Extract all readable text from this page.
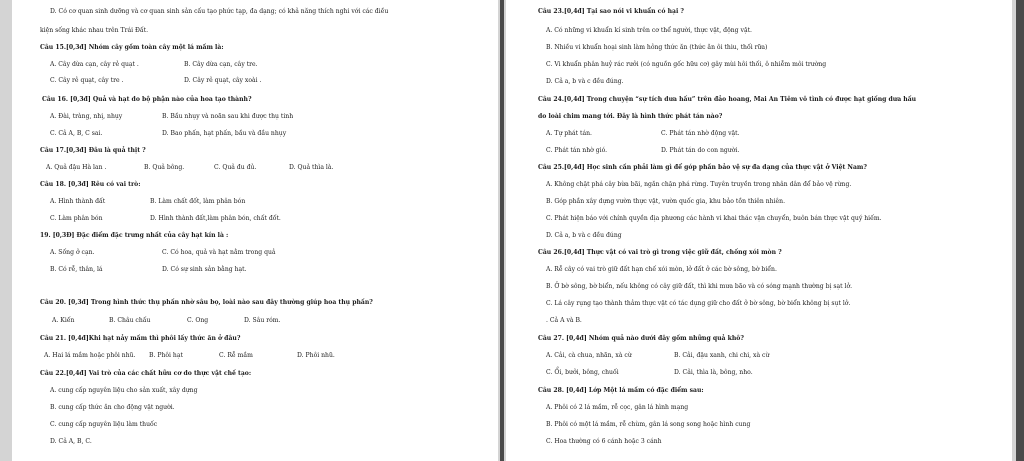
D. Có cơ quan sinh dưỡng và cơ quan sinh sản cấu tạo phức tạp, đa dạng; có khả năng thích nghi với các điều
kiện sống khác nhau trên Trái Đất.
Câu 15.[0,3đ] Nhóm cây gồm toàn cây một lá mầm là:
A. Cây dừa cạn, cây rẻ quạt .	B. Cây dừa cạn, cây tre.
C. Cây rẻ quạt, cây tre .	D. Cây rẻ quạt, cây xoài .
Câu 16. [0,3đ] Quả và hạt do bộ phận nào của hoa tạo thành?
A. Đài, tràng, nhị, nhụy	B. Bầu nhụy và noãn sau khi được thụ tinh
C. Cả A, B, C sai.	D. Bao phấn, hạt phấn, bầu và đầu nhụy
Câu 17.[0,3đ] Đâu là quả thịt ?
A. Quả đậu Hà lan .	B. Quả bông.	C. Quả đu đủ.	D. Quả thìa là.
Câu 18. [0,3đ] Rêu có vai trò:
A. Hình thành đất	B. Làm chất đốt, làm phân bón
C. Làm phân bón	D. Hình thành đất,làm phân bón, chất đốt.
19. [0,3Đ] Đặc điểm đặc trưng nhất của cây hạt kín là :
A. Sống ở cạn.	C. Có hoa, quả và hạt nằm trong quả
B. Có rễ, thân, lá	D. Có sự sinh sản bằng hạt.
Câu 20. [0,3đ] Trong hình thức thụ phấn nhờ sâu bọ, loài nào sau đây thường giúp hoa thụ phấn?
A. Kiến	B. Châu chấu	C. Ong	D. Sâu róm.
Câu 21. [0,4đ]Khi hạt nảy mầm thì phôi lấy thức ăn ở đâu?
A. Hai lá mầm hoặc phôi nhũ. B. Phôi hạt	C. Rễ mầm	D. Phôi nhũ.
Câu 22.[0,4đ] Vai trò của các chất hữu cơ do thực vật chế tạo:
A. cung cấp nguyên liệu cho sản xuất, xây dựng
B. cung cấp thức ăn cho động vật người.
C. cung cấp nguyên liệu làm thuốc
D. Cả A, B, C.
Câu 23.[0,4đ] Tại sao nói vi khuẩn có hại ?
A. Có những vi khuẩn kí sinh trên cơ thể người, thực vật, động vật.
B. Nhiều vi khuẩn hoại sinh làm hỏng thức ăn (thức ăn ôi thiu, thối rữa)
C. Vi khuẩn phân huỷ rác rưởi (có nguồn gốc hữu cơ) gây mùi hôi thối, ô nhiễm môi trường
D. Cả a, b và c đều đúng.
Câu 24.[0,4đ] Trong chuyện “sự tích dưa hấu” trên đảo hoang, Mai An Tiêm vô tình có được hạt giống dưa hấu
do loài chim mang tới. Đây là hình thức phát tán nào?
A. Tự phát tán.	C. Phát tán nhờ động vật.
C. Phát tán nhờ gió.	D. Phát tán do con người.
Câu 25.[0,4đ] Học sinh cần phải làm gì để góp phần bảo vệ sự đa dạng của thực vật ở Việt Nam?
A. Không chặt phá cây bừa bãi, ngăn chặn phá rừng. Tuyên truyền trong nhân dân để bảo vệ rừng.
B. Góp phần xây dựng vườn thực vật, vườn quốc gia, khu bảo tồn thiên nhiên.
C. Phát hiện báo với chính quyền địa phương các hành vi khai thác vận chuyển, buôn bán thực vật quý hiếm.
D. Cả a, b và c đều đúng
Câu 26.[0,4đ] Thực vật có vai trò gì trong việc giữ đất, chống xói mòn ?
A. Rễ cây có vai trò giữ đất hạn chế xói mòn, lở đất ở các bờ sông, bờ biển.
B. Ở bờ sông, bờ biển, nếu không có cây giữ đất, thì khi mưa bão và có sóng mạnh thường bị sạt lở.
C. Lá cây rụng tạo thành thảm thực vật có tác dụng giữ cho đất ở bờ sông, bờ biển không bị sụt lở.
. Cả A và B.
Câu 27. [0,4đ] Nhóm quả nào dưới đây gồm những quả khô?
A. Cải, cà chua, nhãn, xà cừ	B. Cải, đậu xanh, chi chi, xà cừ
C. Ổi, bưởi, bông, chuối	D. Cải, thìa là, bông, nho.
Câu 28. [0,4đ] Lớp Một lá mầm có đặc điểm sau:
A. Phôi có 2 lá mầm, rễ cọc, gân lá hình mạng
B. Phôi có một lá mầm, rễ chùm, gân lá song song hoặc hình cung
C. Hoa thường có 6 cánh hoặc 3 cánh
